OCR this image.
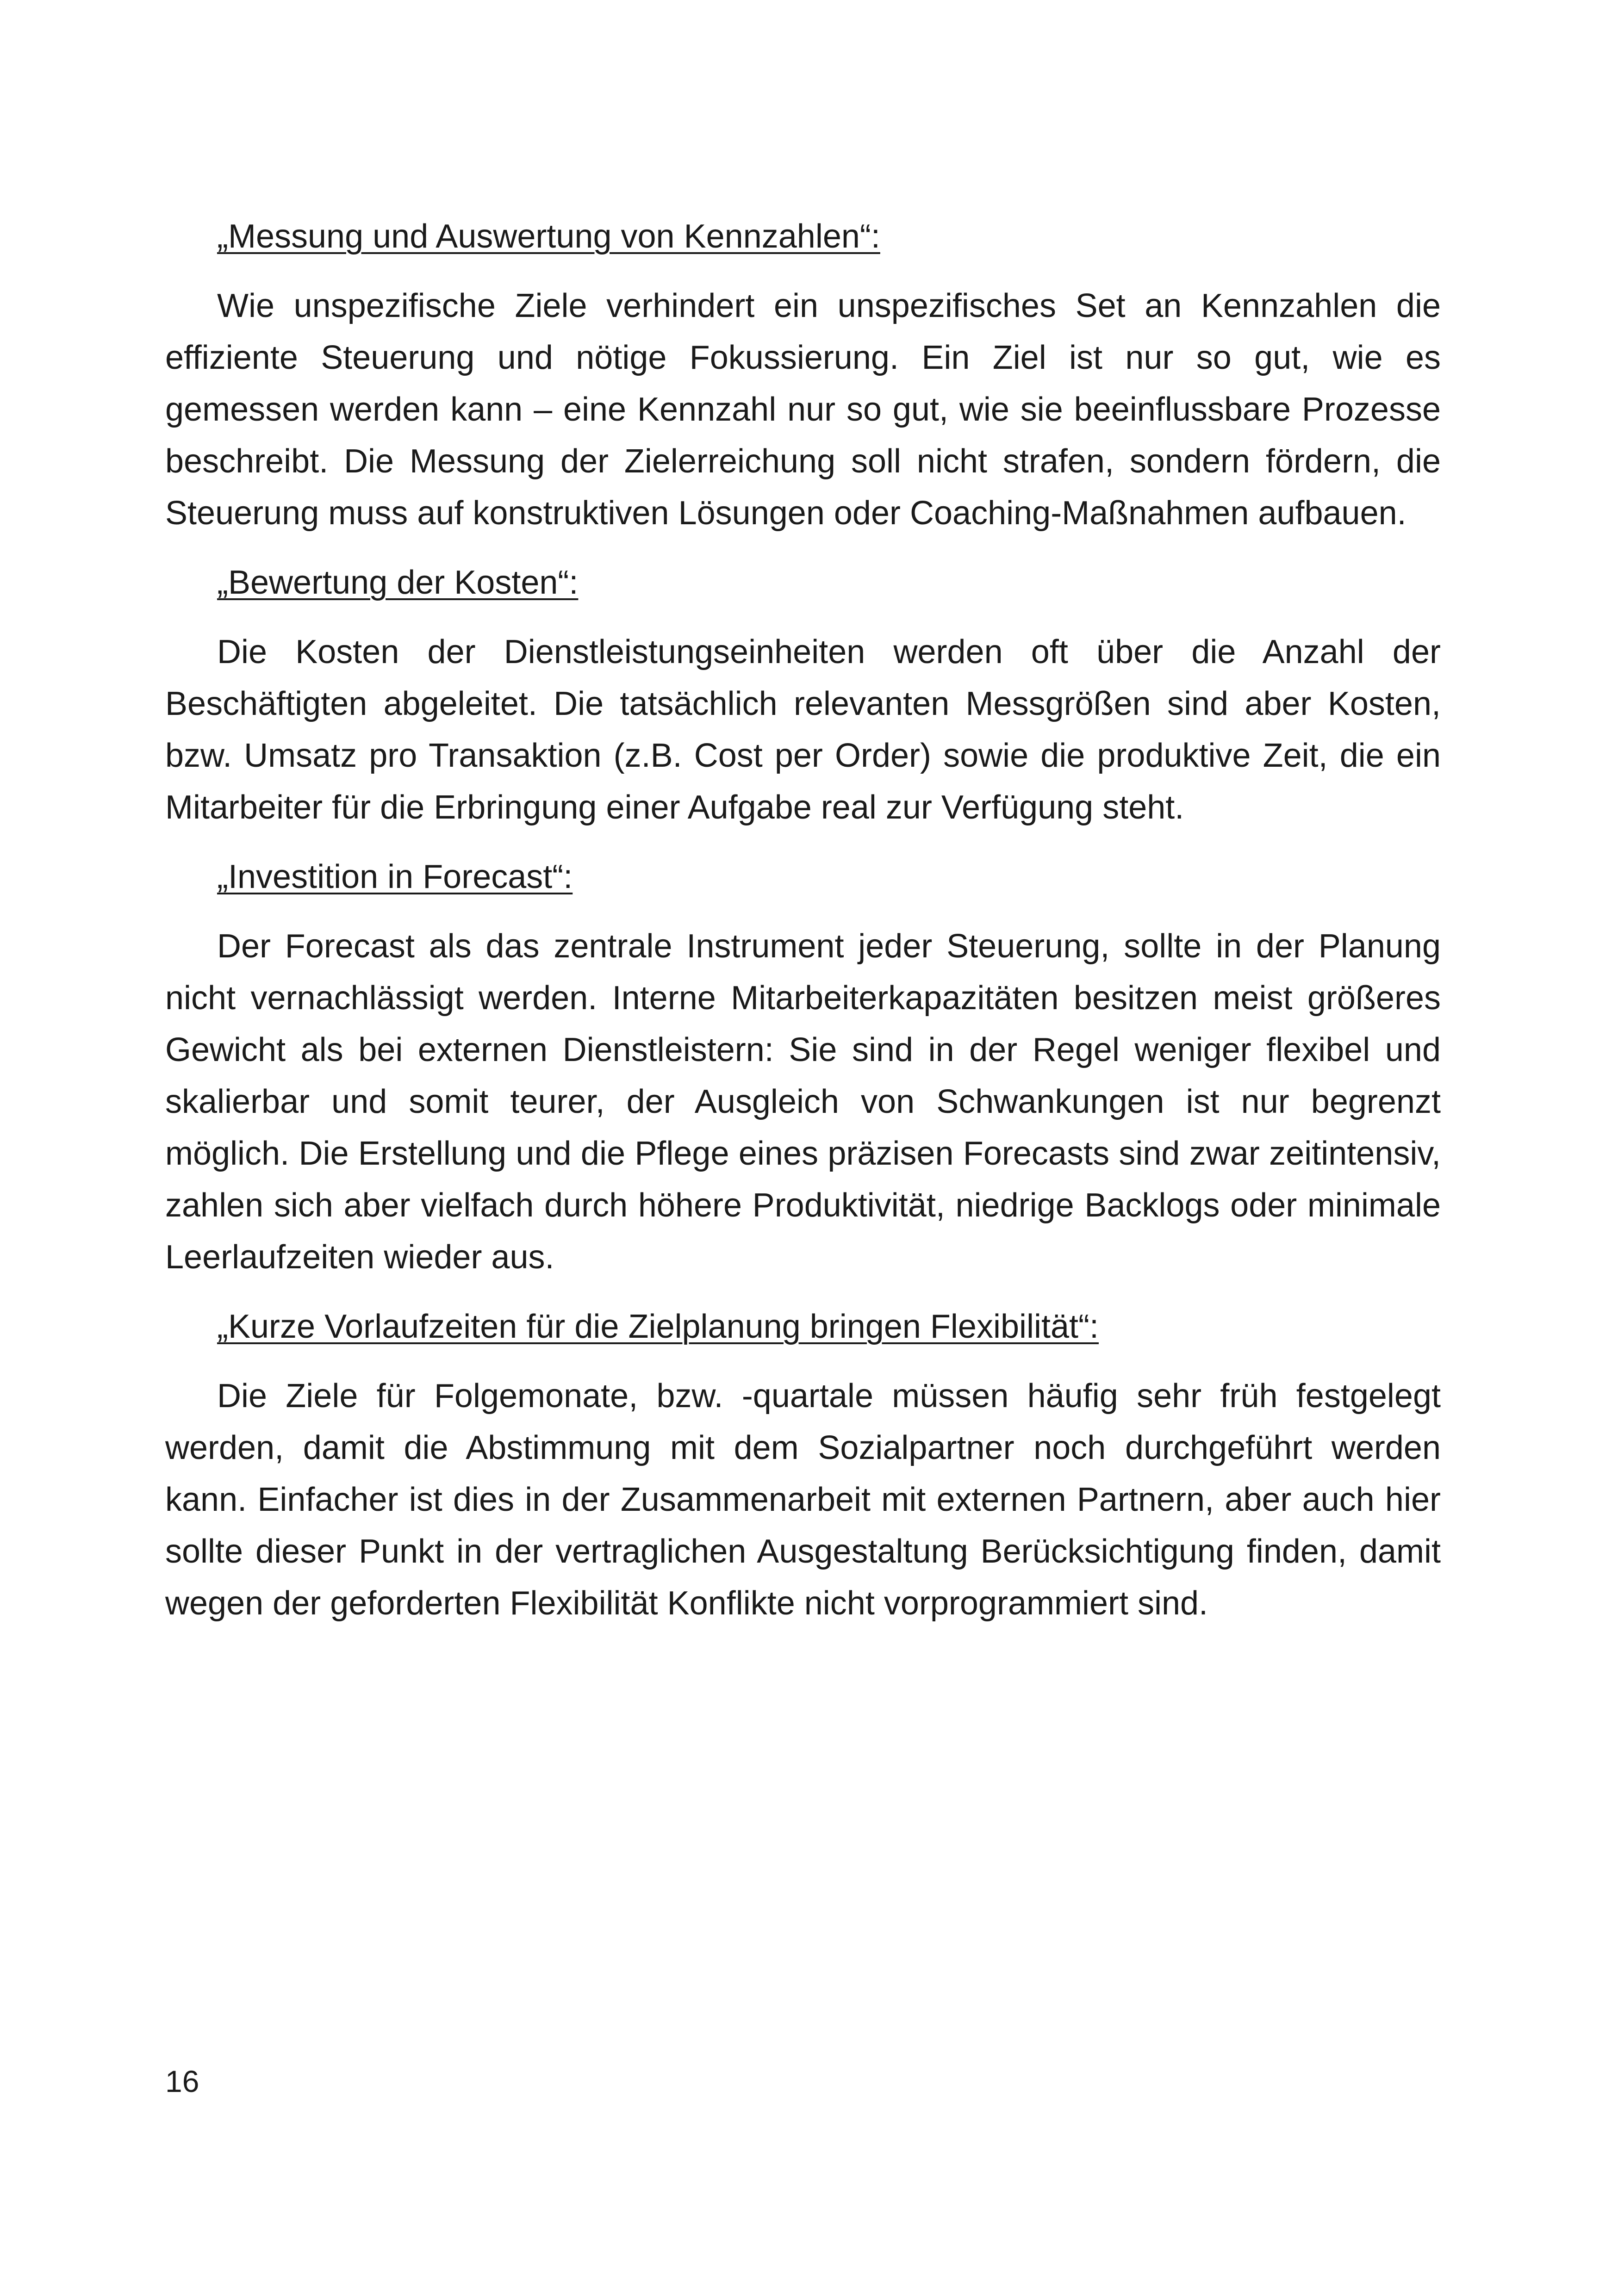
„Messung und Auswertung von Kennzahlen“:

Wie unspezifische Ziele verhindert ein unspezifisches Set an Kennzahlen die effiziente Steuerung und nötige Fokussierung. Ein Ziel ist nur so gut, wie es gemessen werden kann – eine Kennzahl nur so gut, wie sie beeinflussbare Prozesse beschreibt. Die Messung der Zielerreichung soll nicht strafen, sondern fördern, die Steuerung muss auf konstruktiven Lösungen oder Coaching-Maßnahmen aufbauen.

„Bewertung der Kosten“:

Die Kosten der Dienstleistungseinheiten werden oft über die Anzahl der Beschäftigten abgeleitet. Die tatsächlich relevanten Messgrößen sind aber Kosten, bzw. Umsatz pro Transaktion (z.B. Cost per Order) sowie die produktive Zeit, die ein Mitarbeiter für die Erbringung einer Aufgabe real zur Verfügung steht.

„Investition in Forecast“:

Der Forecast als das zentrale Instrument jeder Steuerung, sollte in der Planung nicht vernachlässigt werden. Interne Mitarbeiterkapazitäten besitzen meist größeres Gewicht als bei externen Dienstleistern: Sie sind in der Regel weniger flexibel und skalierbar und somit teurer, der Ausgleich von Schwankungen ist nur begrenzt möglich. Die Erstellung und die Pflege eines präzisen Forecasts sind zwar zeitintensiv, zahlen sich aber vielfach durch höhere Produktivität, niedrige Backlogs oder minimale Leerlaufzeiten wieder aus.

„Kurze Vorlaufzeiten für die Zielplanung bringen Flexibilität“:

Die Ziele für Folgemonate, bzw. -quartale müssen häufig sehr früh festgelegt werden, damit die Abstimmung mit dem Sozialpartner noch durchgeführt werden kann. Einfacher ist dies in der Zusammenarbeit mit externen Partnern, aber auch hier sollte dieser Punkt in der vertraglichen Ausgestaltung Berücksichtigung finden, damit wegen der geforderten Flexibilität Konflikte nicht vorprogrammiert sind.

16
